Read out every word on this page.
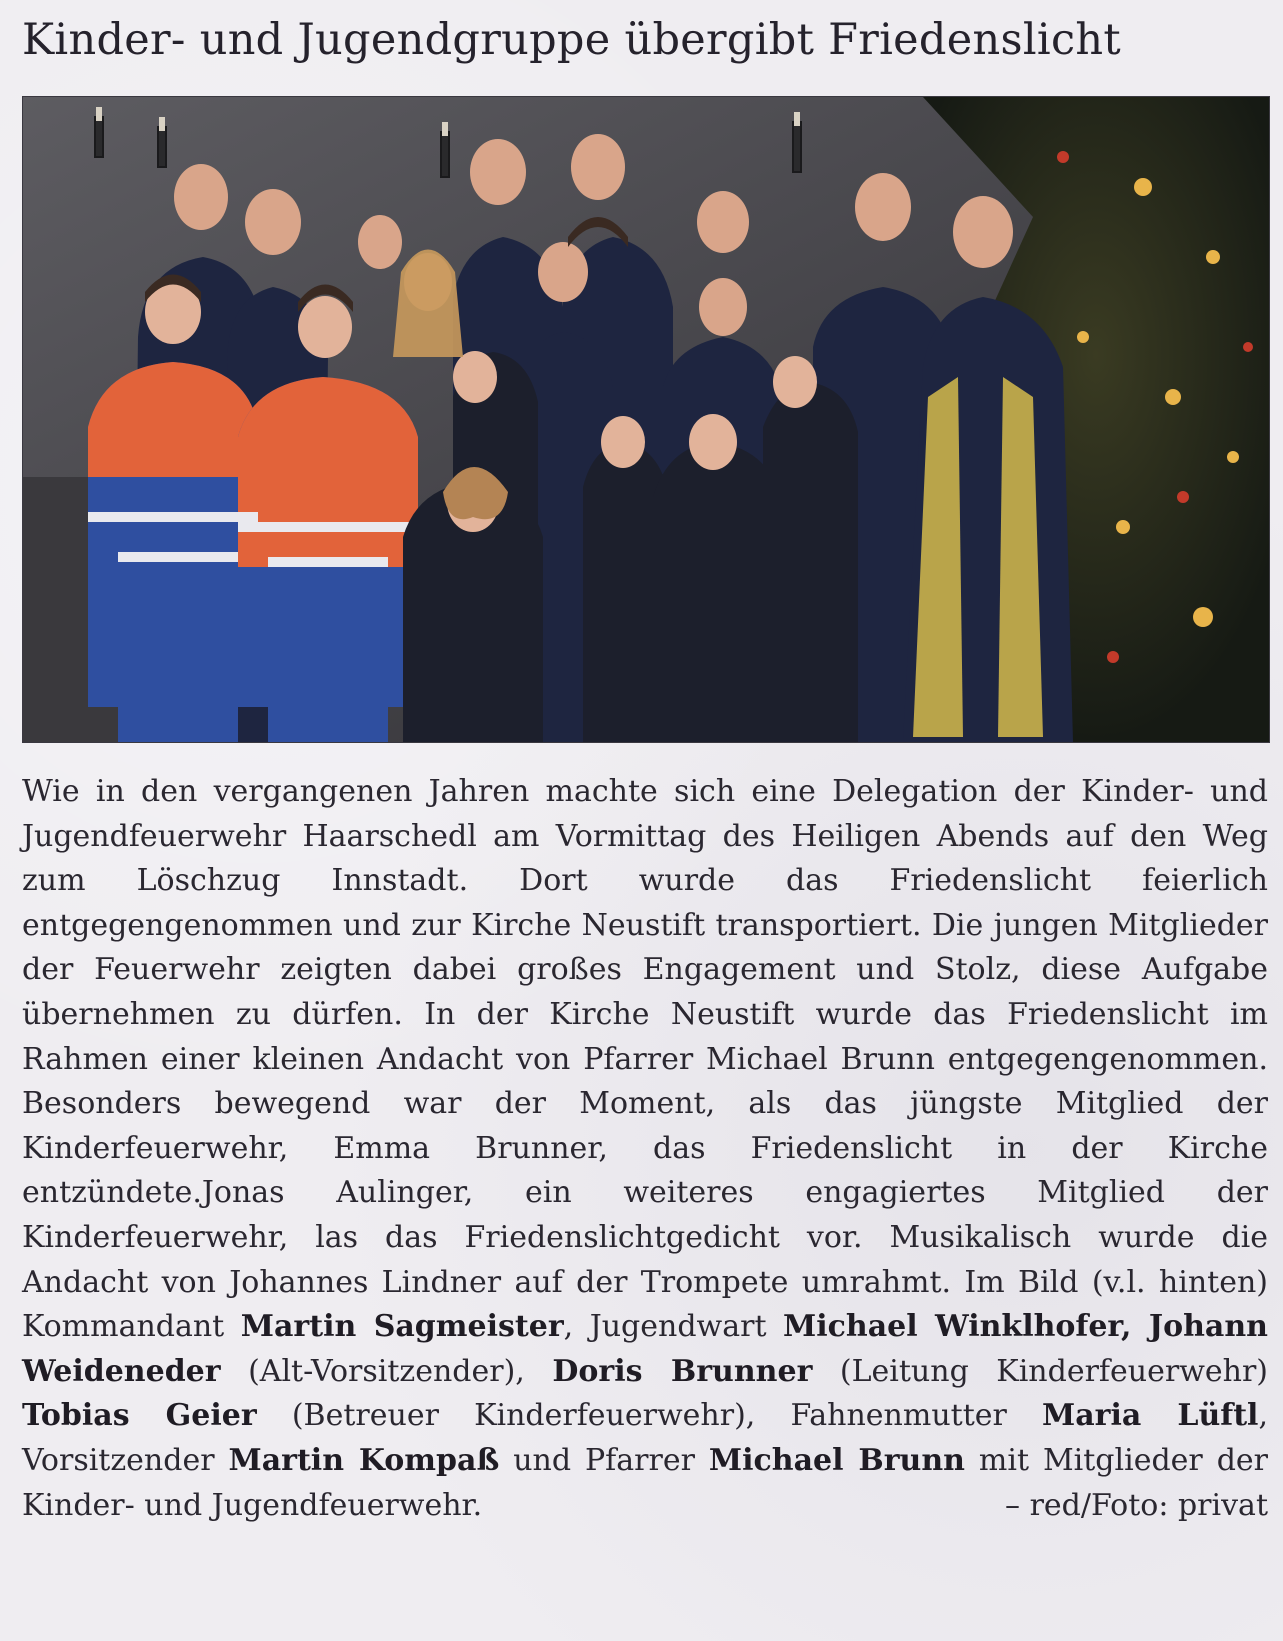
Kinder- und Jugendgruppe übergibt Friedenslicht

Wie in den vergangenen Jahren machte sich eine Delegation der Kinder- und Jugendfeuerwehr Haarschedl am Vormittag des Heiligen Abends auf den Weg zum Löschzug Innstadt. Dort wurde das Friedenslicht feierlich entgegengenommen und zur Kirche Neustift transportiert. Die jungen Mitglieder der Feuerwehr zeigten dabei großes Engagement und Stolz, diese Aufgabe übernehmen zu dürfen. In der Kirche Neustift wurde das Friedenslicht im Rahmen einer kleinen Andacht von Pfarrer Michael Brunn entgegengenommen. Besonders bewegend war der Moment, als das jüngste Mitglied der Kinderfeuerwehr, Emma Brunner, das Friedenslicht in der Kirche entzündete.Jonas Aulinger, ein weiteres engagiertes Mitglied der Kinderfeuerwehr, las das Friedenslichtgedicht vor. Musikalisch wurde die Andacht von Johannes Lindner auf der Trompete umrahmt. Im Bild (v.l. hinten) Kommandant Martin Sagmeister, Jugendwart Michael Winklhofer, Johann Weideneder (Alt-Vorsitzender), Doris Brunner (Leitung Kinderfeuerwehr) Tobias Geier (Betreuer Kinderfeuerwehr), Fahnenmutter Maria Lüftl, Vorsitzender Martin Kompaß und Pfarrer Michael Brunn mit Mitglieder der Kinder- und Jugendfeuerwehr.	– red/Foto: privat
